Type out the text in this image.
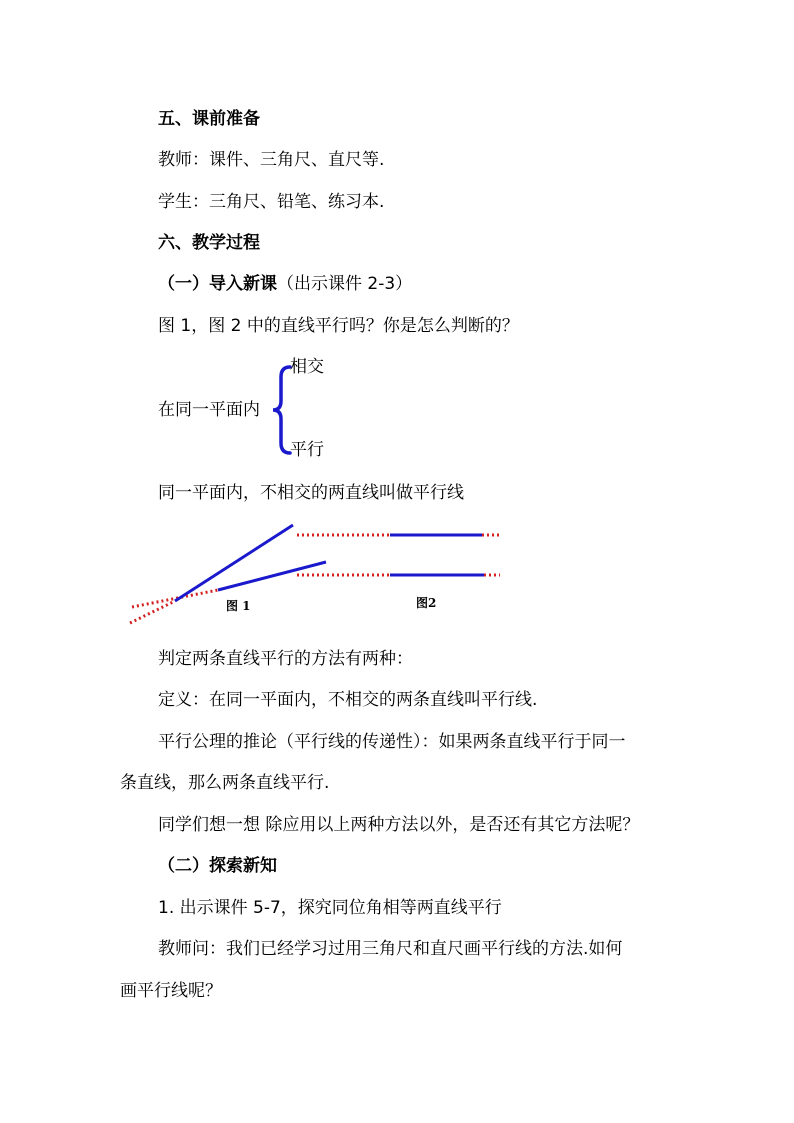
五、课前准备
教师：课件、三角尺、直尺等.
学生：三角尺、铅笔、练习本.
六、教学过程
（一）导入新课（出示课件 2-3）
图 1，图 2 中的直线平行吗？你是怎么判断的？
在同一平面内
相交
平行
同一平面内，不相交的两直线叫做平行线
图 1	图2
判定两条直线平行的方法有两种：
定义：在同一平面内，不相交的两条直线叫平行线.
平行公理的推论（平行线的传递性）：如果两条直线平行于同一
条直线，那么两条直线平行.
同学们想一想 除应用以上两种方法以外，是否还有其它方法呢？
（二）探索新知
1. 出示课件 5-7，探究同位角相等两直线平行
教师问：我们已经学习过用三角尺和直尺画平行线的方法.如何
画平行线呢？
